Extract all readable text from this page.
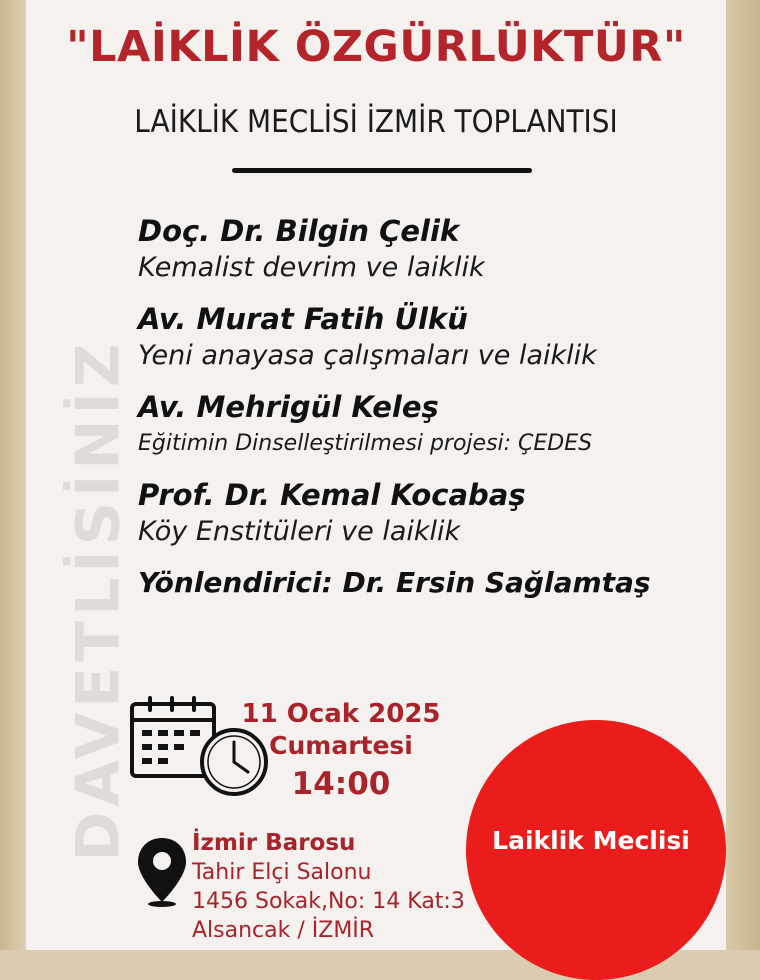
"LAİKLİK ÖZGÜRLÜKTÜR"
LAİKLİK MECLİSİ İZMİR TOPLANTISI
DAVETLİSİNİZ
Doç. Dr. Bilgin Çelik
Kemalist devrim ve laiklik
Av. Murat Fatih Ülkü
Yeni anayasa çalışmaları ve laiklik
Av. Mehrigül Keleş
Eğitimin Dinselleştirilmesi projesi: ÇEDES
Prof. Dr. Kemal Kocabaş
Köy Enstitüleri ve laiklik
Yönlendirici: Dr. Ersin Sağlamtaş
11 Ocak 2025
Cumartesi
14:00
İzmir Barosu
Tahir Elçi Salonu
1456 Sokak,No: 14 Kat:3
Alsancak / İZMİR
Laiklik Meclisi
